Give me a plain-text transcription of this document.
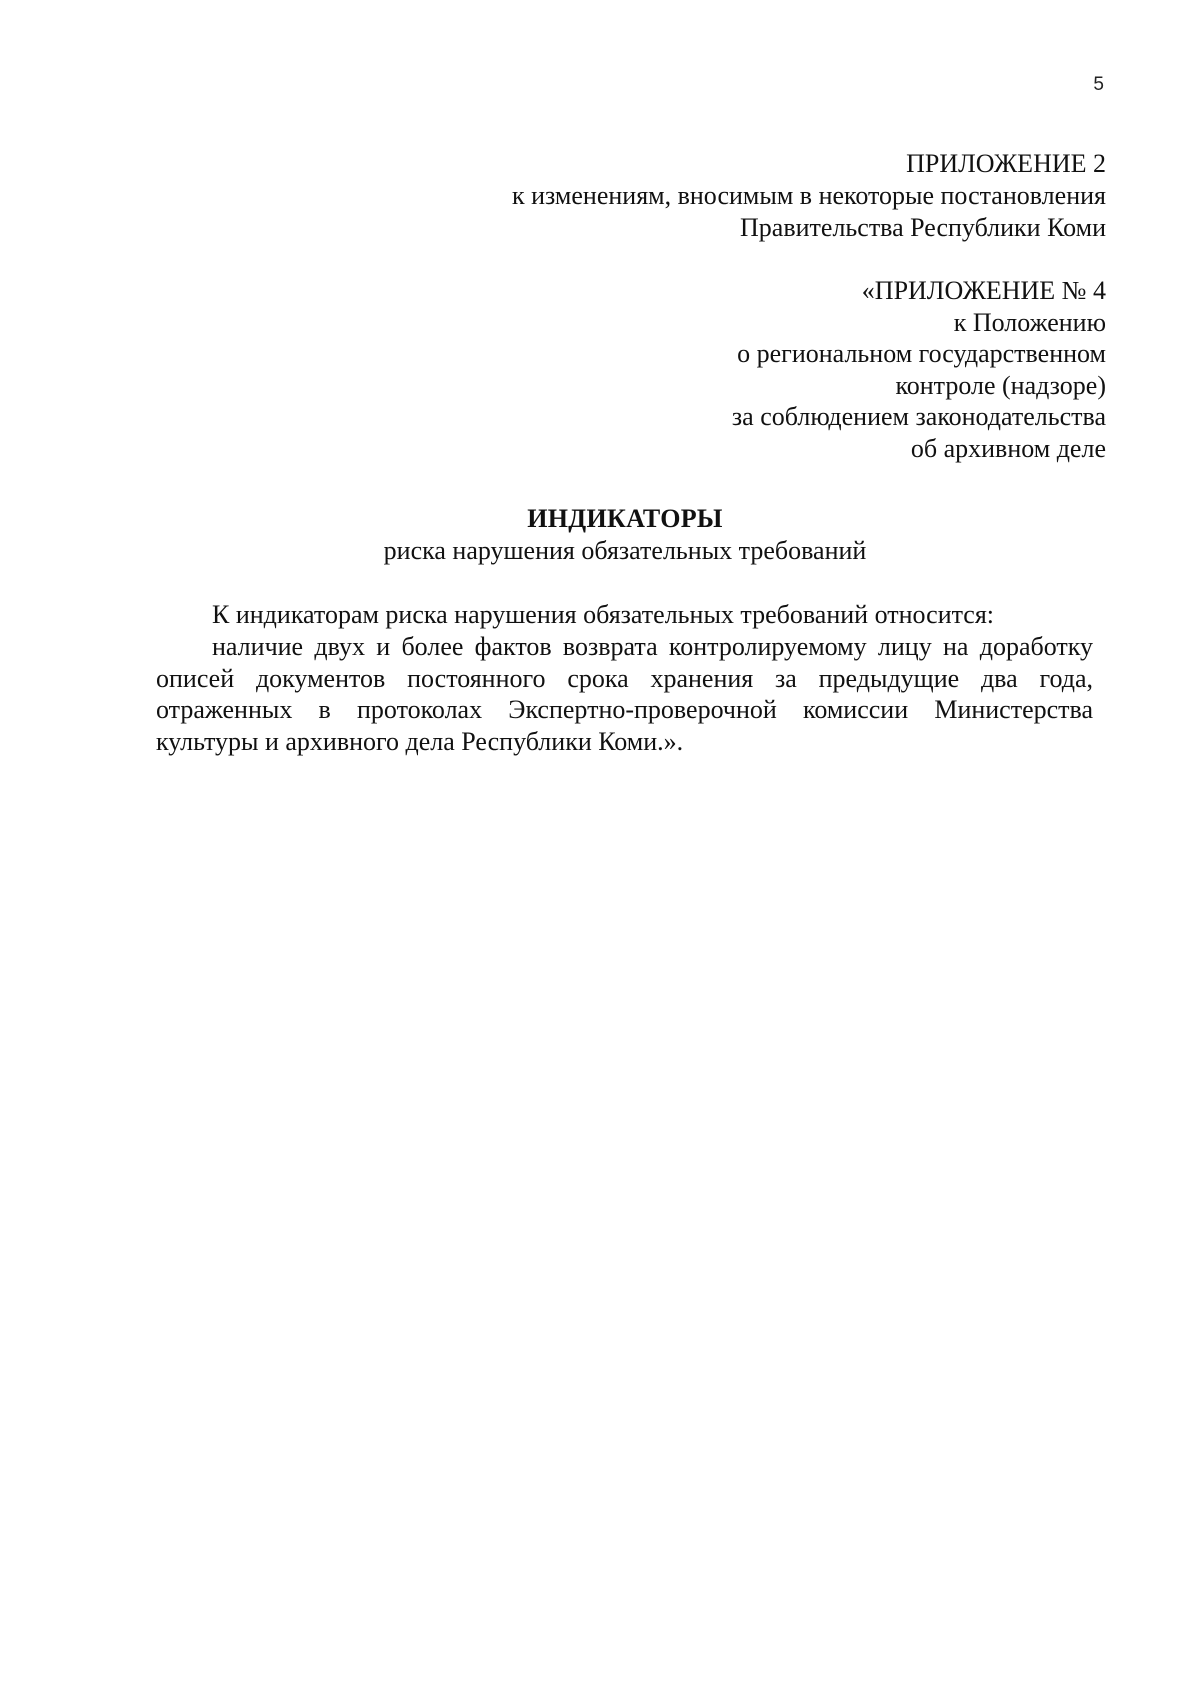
5
ПРИЛОЖЕНИЕ 2
к изменениям, вносимым в некоторые постановления
Правительства Республики Коми
«ПРИЛОЖЕНИЕ № 4
к Положению
о региональном государственном
контроле (надзоре)
за соблюдением законодательства
об архивном деле
ИНДИКАТОРЫ
риска нарушения обязательных требований
К индикаторам риска нарушения обязательных требований относится:
наличие двух и более фактов возврата контролируемому лицу на доработку описей документов постоянного срока хранения за предыдущие два года, отраженных в протоколах Экспертно-проверочной комиссии Министерства культуры и архивного дела Республики Коми.».
